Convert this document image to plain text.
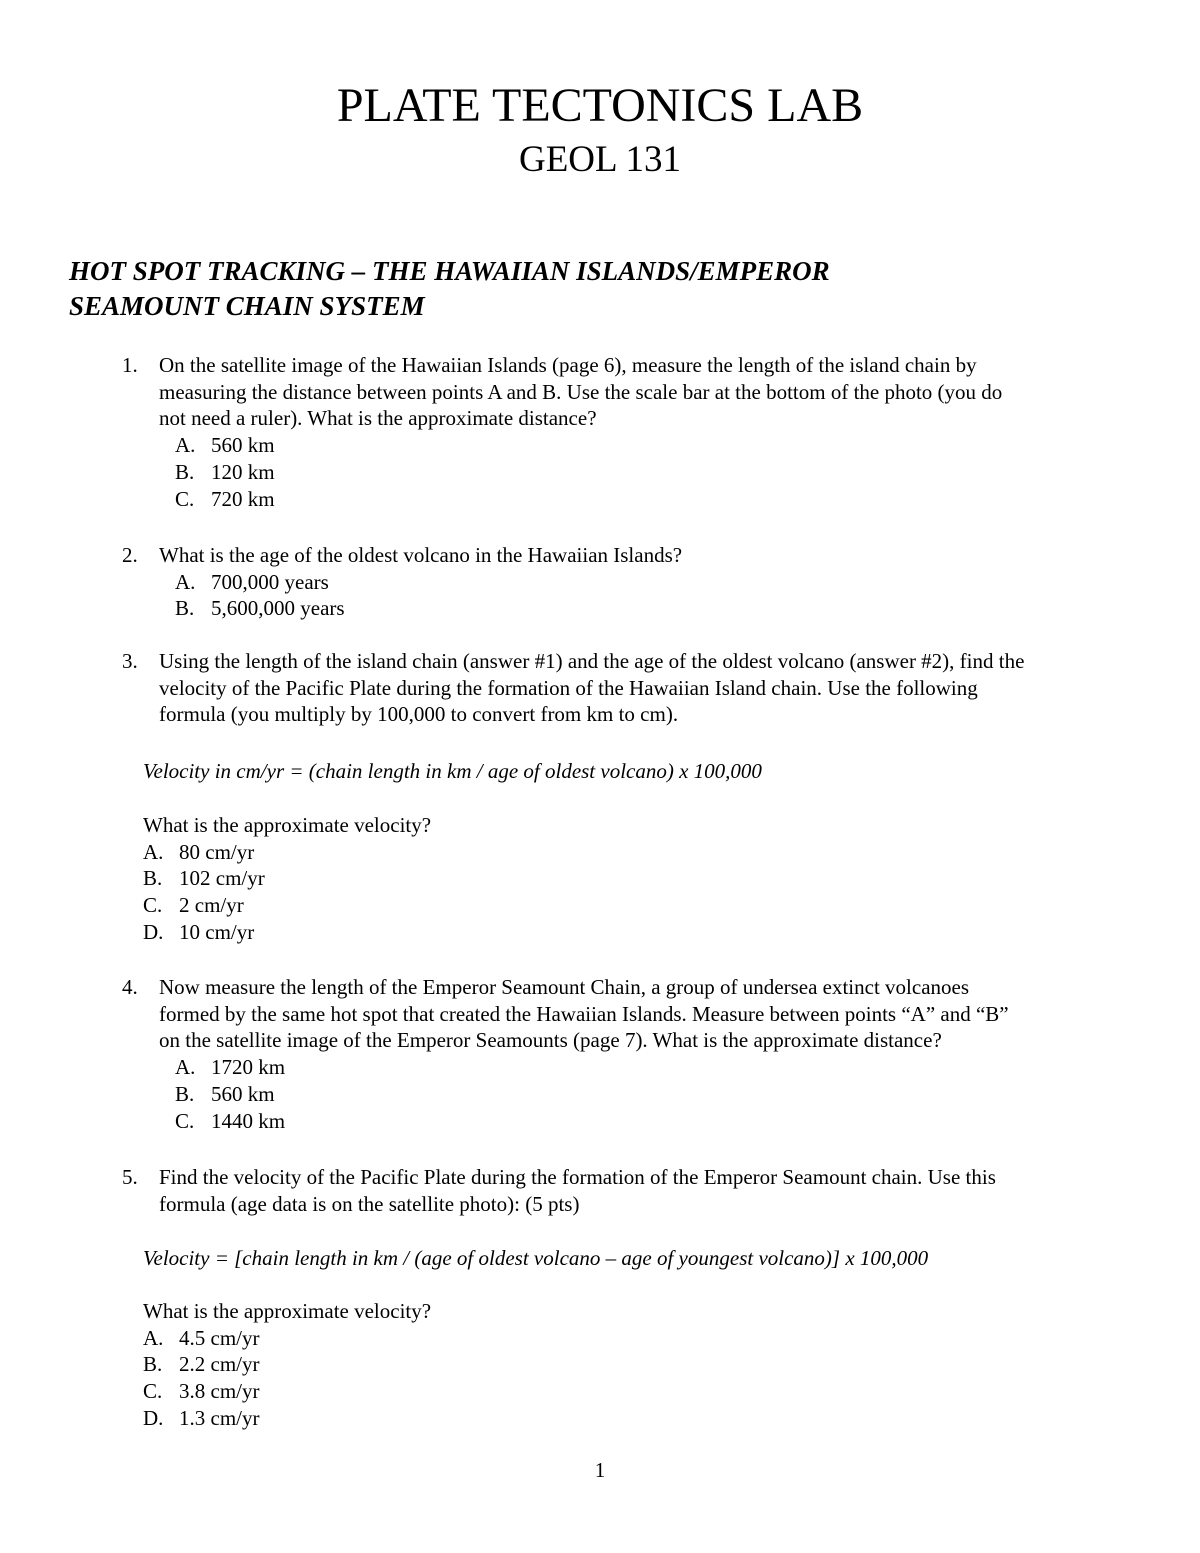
PLATE TECTONICS LAB
GEOL 131
HOT SPOT TRACKING – THE HAWAIIAN ISLANDS/EMPEROR
SEAMOUNT CHAIN SYSTEM
1.	On the satellite image of the Hawaiian Islands (page 6), measure the length of the island chain by
measuring the distance between points A and B. Use the scale bar at the bottom of the photo (you do
not need a ruler). What is the approximate distance?
A. 560 km
B. 120 km
C. 720 km
2.	What is the age of the oldest volcano in the Hawaiian Islands?
A. 700,000 years
B. 5,600,000 years
3.	Using the length of the island chain (answer #1) and the age of the oldest volcano (answer #2), find the
velocity of the Pacific Plate during the formation of the Hawaiian Island chain. Use the following
formula (you multiply by 100,000 to convert from km to cm).
Velocity in cm/yr = (chain length in km / age of oldest volcano) x 100,000
What is the approximate velocity?
A. 80 cm/yr
B. 102 cm/yr
C. 2 cm/yr
D. 10 cm/yr
4.	Now measure the length of the Emperor Seamount Chain, a group of undersea extinct volcanoes
formed by the same hot spot that created the Hawaiian Islands. Measure between points “A” and “B”
on the satellite image of the Emperor Seamounts (page 7). What is the approximate distance?
A. 1720 km
B. 560 km
C. 1440 km
5.	Find the velocity of the Pacific Plate during the formation of the Emperor Seamount chain. Use this
formula (age data is on the satellite photo): (5 pts)
Velocity = [chain length in km / (age of oldest volcano – age of youngest volcano)] x 100,000
What is the approximate velocity?
A. 4.5 cm/yr
B. 2.2 cm/yr
C. 3.8 cm/yr
D. 1.3 cm/yr
1
